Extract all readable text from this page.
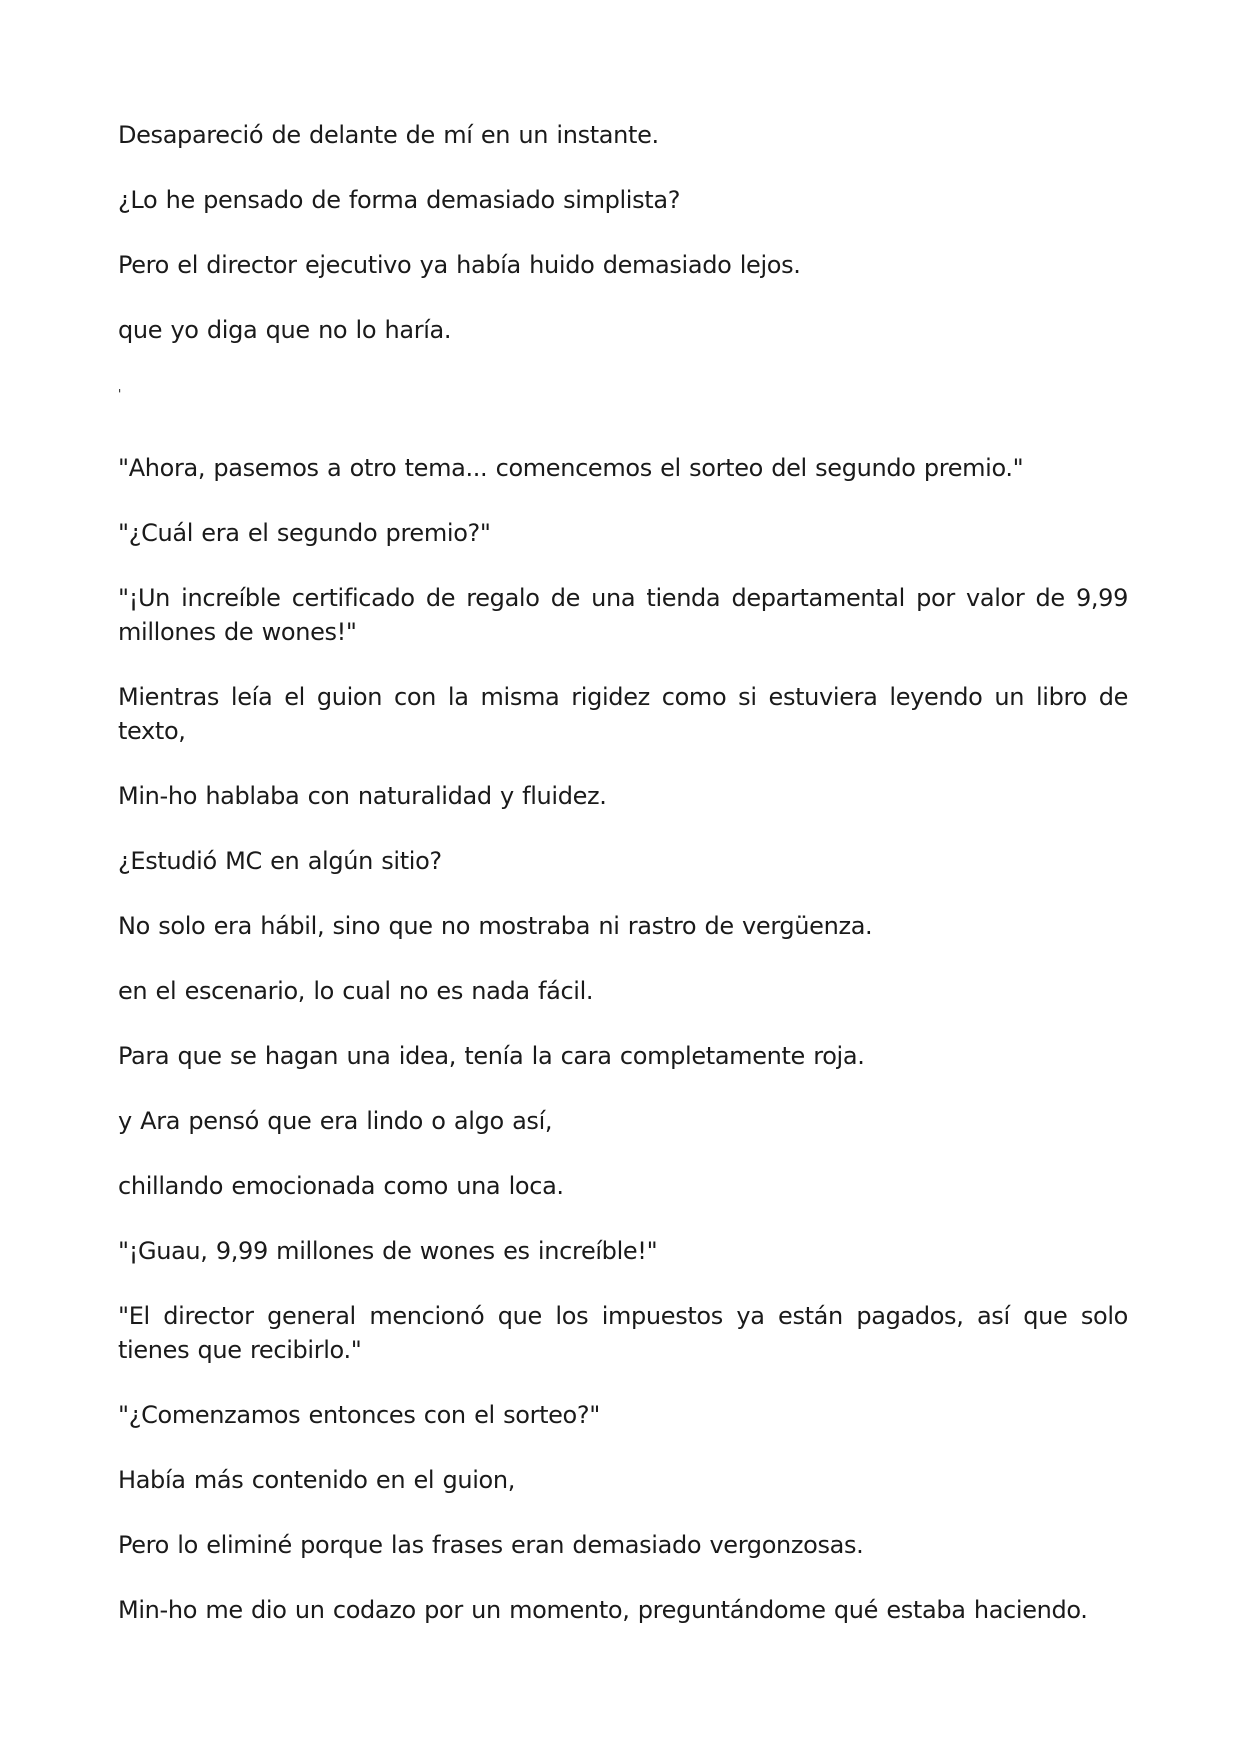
Desapareció de delante de mí en un instante.

¿Lo he pensado de forma demasiado simplista?

Pero el director ejecutivo ya había huido demasiado lejos.

que yo diga que no lo haría.

'

"Ahora, pasemos a otro tema... comencemos el sorteo del segundo premio."

"¿Cuál era el segundo premio?"

"¡Un increíble certificado de regalo de una tienda departamental por valor de 9,99 millones de wones!"

Mientras leía el guion con la misma rigidez como si estuviera leyendo un libro de texto,

Min-ho hablaba con naturalidad y fluidez.

¿Estudió MC en algún sitio?

No solo era hábil, sino que no mostraba ni rastro de vergüenza.

en el escenario, lo cual no es nada fácil.

Para que se hagan una idea, tenía la cara completamente roja.

y Ara pensó que era lindo o algo así,

chillando emocionada como una loca.

"¡Guau, 9,99 millones de wones es increíble!"

"El director general mencionó que los impuestos ya están pagados, así que solo tienes que recibirlo."

"¿Comenzamos entonces con el sorteo?"

Había más contenido en el guion,

Pero lo eliminé porque las frases eran demasiado vergonzosas.

Min-ho me dio un codazo por un momento, preguntándome qué estaba haciendo.
